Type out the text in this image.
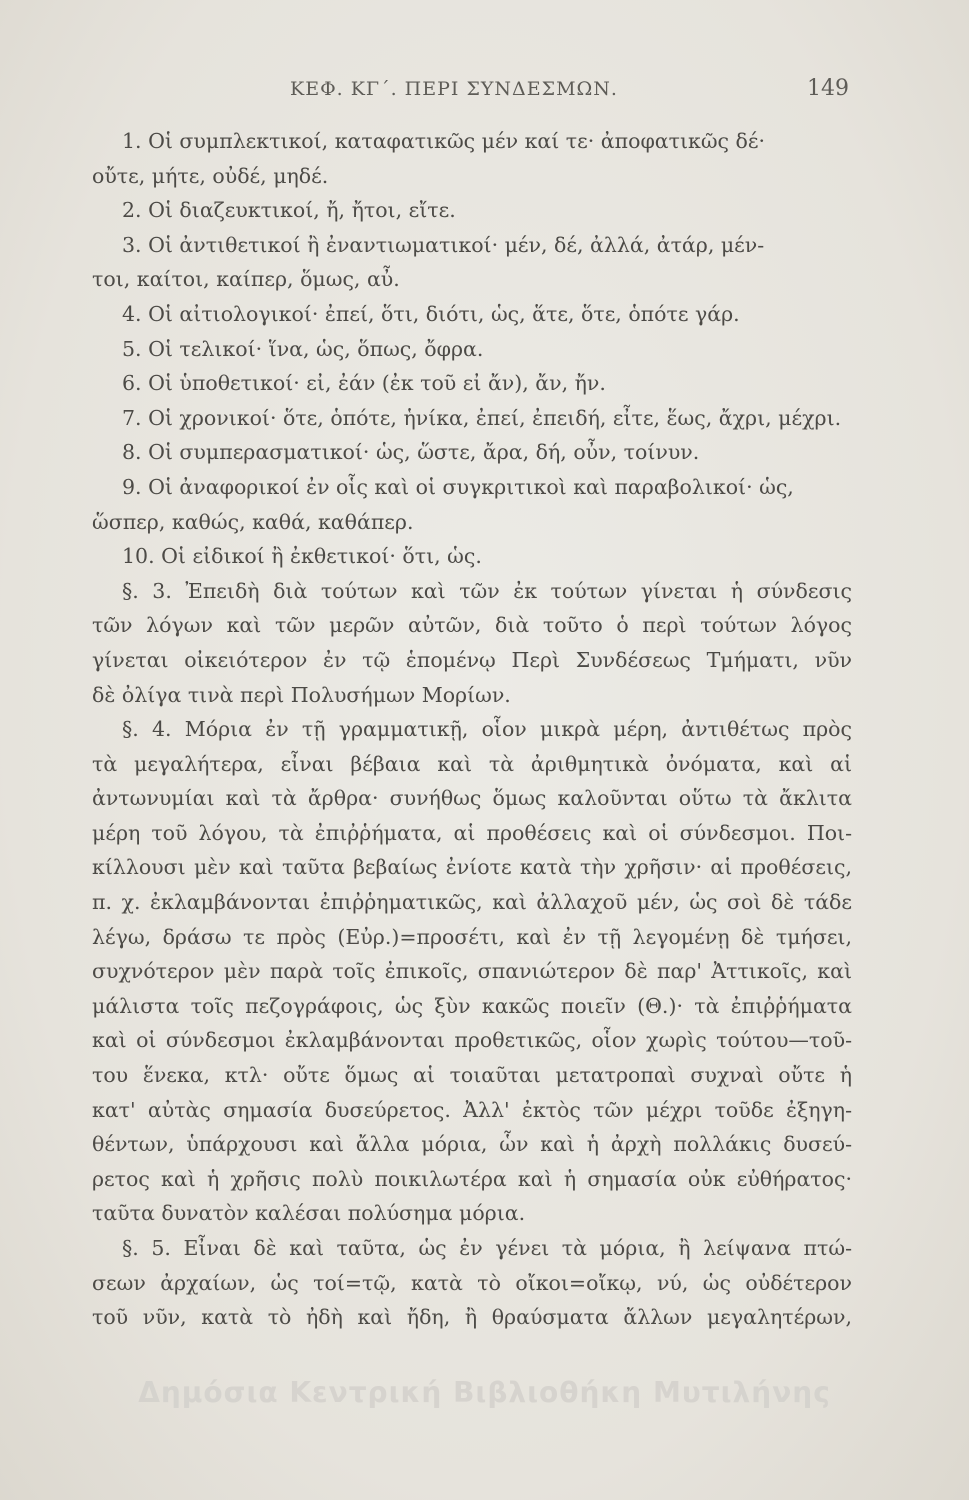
ΚΕΦ. ΚΓ΄. ΠΕΡΙ ΣΥΝΔΕΣΜΩΝ.	149
1. Οἱ συμπλεκτικοί, καταφατικῶς μέν καί τε· ἀποφατικῶς δέ·
οὔτε, μήτε, οὐδέ, μηδέ.
2. Οἱ διαζευκτικοί, ἤ, ἤτοι, εἴτε.
3. Οἱ ἀντιθετικοί ἢ ἐναντιωματικοί· μέν, δέ, ἀλλά, ἀτάρ, μέν-
τοι, καίτοι, καίπερ, ὅμως, αὖ.
4. Οἱ αἰτιολογικοί· ἐπεί, ὅτι, διότι, ὡς, ἅτε, ὅτε, ὁπότε γάρ.
5. Οἱ τελικοί· ἵνα, ὡς, ὅπως, ὄφρα.
6. Οἱ ὑποθετικοί· εἰ, ἐάν (ἐκ τοῦ εἰ ἄν), ἄν, ἤν.
7. Οἱ χρονικοί· ὅτε, ὁπότε, ἡνίκα, ἐπεί, ἐπειδή, εἶτε, ἕως, ἄχρι, μέχρι.
8. Οἱ συμπερασματικοί· ὡς, ὥστε, ἄρα, δή, οὖν, τοίνυν.
9. Οἱ ἀναφορικοί ἐν οἷς καὶ οἱ συγκριτικοὶ καὶ παραβολικοί· ὡς,
ὥσπερ, καθώς, καθά, καθάπερ.
10. Οἱ εἰδικοί ἢ ἐκθετικοί· ὅτι, ὡς.
§. 3. Ἐπειδὴ διὰ τούτων καὶ τῶν ἐκ τούτων γίνεται ἡ σύνδεσις
τῶν λόγων καὶ τῶν μερῶν αὐτῶν, διὰ τοῦτο ὁ περὶ τούτων λόγος
γίνεται οἰκειότερον ἐν τῷ ἑπομένῳ Περὶ Συνδέσεως Τμήματι, νῦν
δὲ ὀλίγα τινὰ περὶ Πολυσήμων Μορίων.
§. 4. Μόρια ἐν τῇ γραμματικῇ, οἷον μικρὰ μέρη, ἀντιθέτως πρὸς
τὰ μεγαλήτερα, εἶναι βέβαια καὶ τὰ ἀριθμητικὰ ὀνόματα, καὶ αἱ
ἀντωνυμίαι καὶ τὰ ἄρθρα· συνήθως ὅμως καλοῦνται οὕτω τὰ ἄκλιτα
μέρη τοῦ λόγου, τὰ ἐπιῤῥήματα, αἱ προθέσεις καὶ οἱ σύνδεσμοι. Ποι-
κίλλουσι μὲν καὶ ταῦτα βεβαίως ἐνίοτε κατὰ τὴν χρῆσιν· αἱ προθέσεις,
π. χ. ἐκλαμβάνονται ἐπιῤῥηματικῶς, καὶ ἀλλαχοῦ μέν, ὡς σοὶ δὲ τάδε
λέγω, δράσω τε πρὸς (Εὐρ.)=προσέτι, καὶ ἐν τῇ λεγομένῃ δὲ τμήσει,
συχνότερον μὲν παρὰ τοῖς ἐπικοῖς, σπανιώτερον δὲ παρ' Ἀττικοῖς, καὶ
μάλιστα τοῖς πεζογράφοις, ὡς ξὺν κακῶς ποιεῖν (Θ.)· τὰ ἐπιῤῥήματα
καὶ οἱ σύνδεσμοι ἐκλαμβάνονται προθετικῶς, οἷον χωρὶς τούτου—τοῦ-
του ἕνεκα, κτλ· οὔτε ὅμως αἱ τοιαῦται μετατροπαὶ συχναὶ οὔτε ἡ
κατ' αὐτὰς σημασία δυσεύρετος. Ἀλλ' ἐκτὸς τῶν μέχρι τοῦδε ἐξηγη-
θέντων, ὑπάρχουσι καὶ ἄλλα μόρια, ὧν καὶ ἡ ἀρχὴ πολλάκις δυσεύ-
ρετος καὶ ἡ χρῆσις πολὺ ποικιλωτέρα καὶ ἡ σημασία οὐκ εὐθήρατος·
ταῦτα δυνατὸν καλέσαι πολύσημα μόρια.
§. 5. Εἶναι δὲ καὶ ταῦτα, ὡς ἐν γένει τὰ μόρια, ἢ λείψανα πτώ-
σεων ἀρχαίων, ὡς τοί=τῷ, κατὰ τὸ οἴκοι=οἴκῳ, νύ, ὡς οὐδέτερον
τοῦ νῦν, κατὰ τὸ ἠδὴ καὶ ἤδη, ἢ θραύσματα ἄλλων μεγαλητέρων,
Δημόσια Κεντρική Βιβλιοθήκη Μυτιλήνης
